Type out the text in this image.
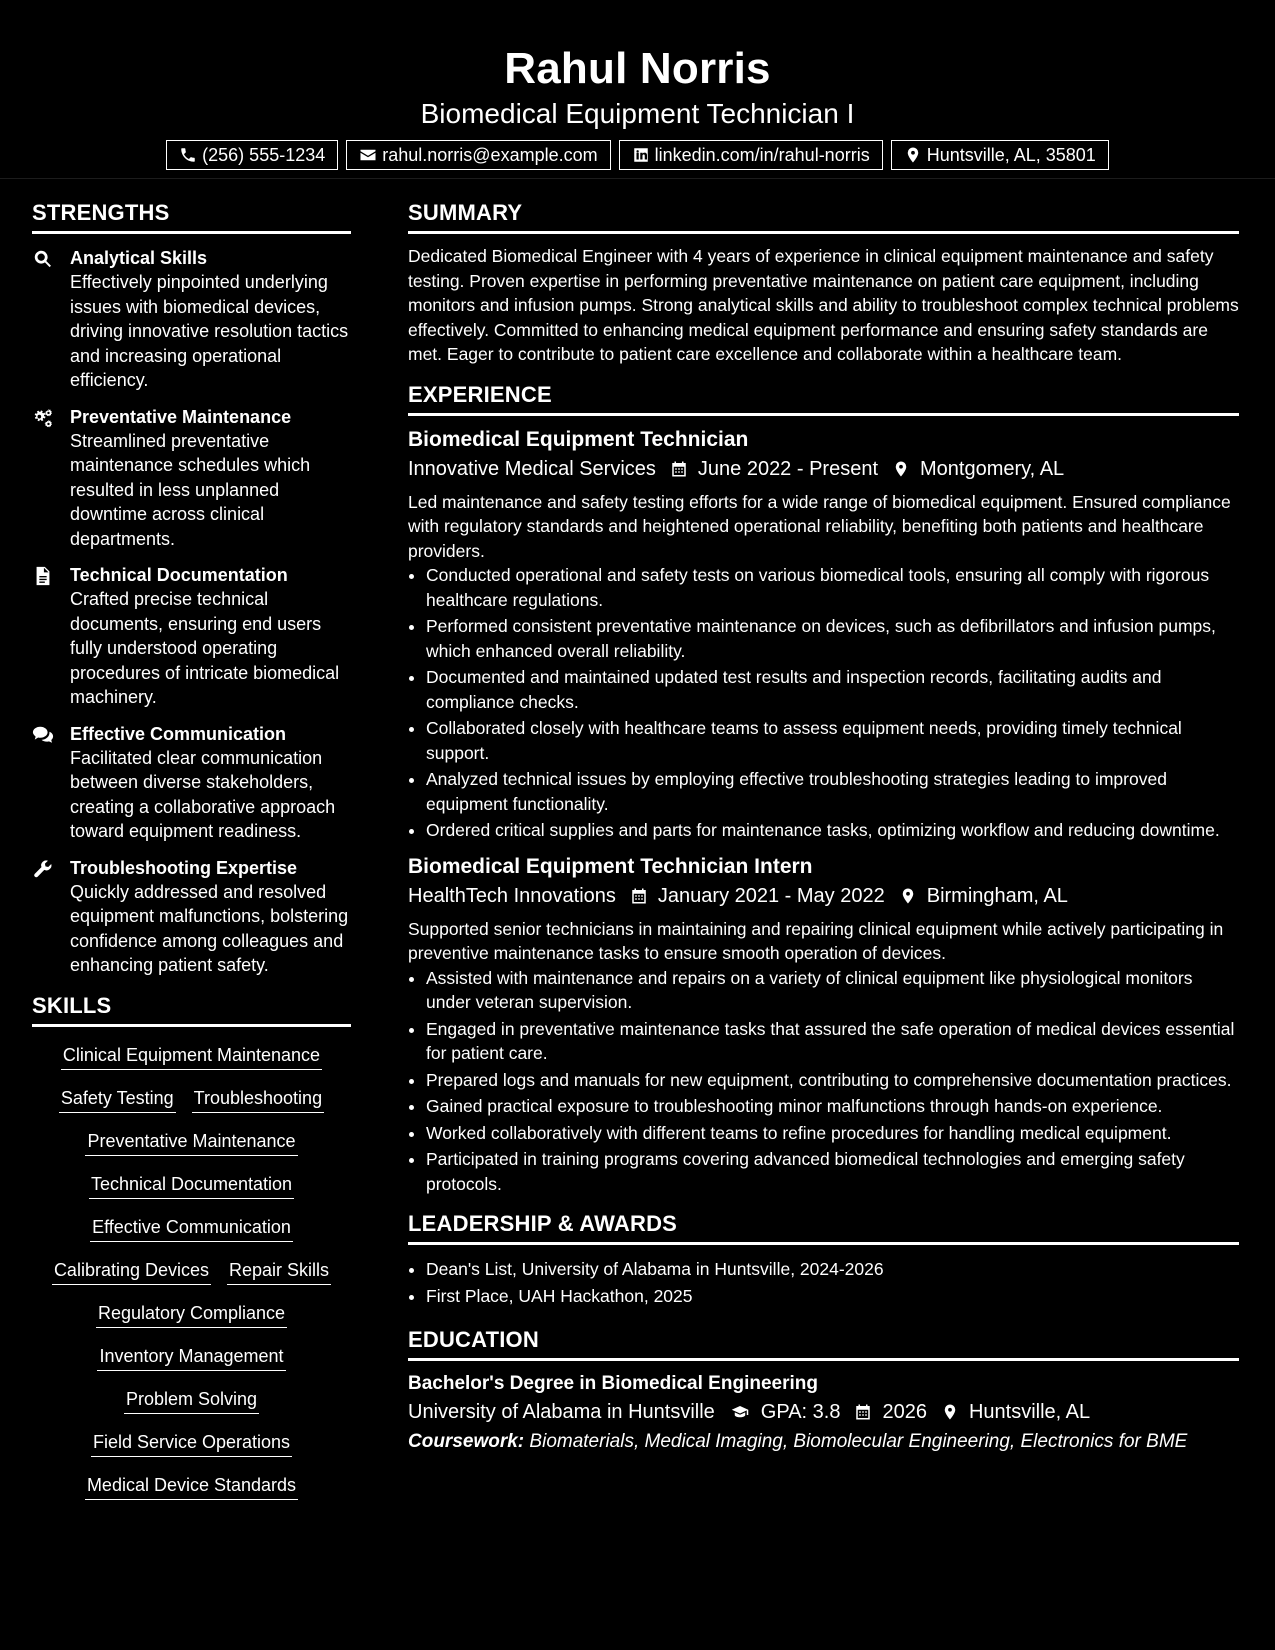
Rahul Norris
Biomedical Equipment Technician I
(256) 555-1234	rahul.norris@example.com	linkedin.com/in/rahul-norris	Huntsville, AL, 35801
STRENGTHS
Analytical Skills
Effectively pinpointed underlying issues with biomedical devices, driving innovative resolution tactics and increasing operational efficiency.
Preventative Maintenance
Streamlined preventative maintenance schedules which resulted in less unplanned downtime across clinical departments.
Technical Documentation
Crafted precise technical documents, ensuring end users fully understood operating procedures of intricate biomedical machinery.
Effective Communication
Facilitated clear communication between diverse stakeholders, creating a collaborative approach toward equipment readiness.
Troubleshooting Expertise
Quickly addressed and resolved equipment malfunctions, bolstering confidence among colleagues and enhancing patient safety.
SKILLS
Clinical Equipment Maintenance
Safety Testing Troubleshooting
Preventative Maintenance
Technical Documentation
Effective Communication
Calibrating Devices Repair Skills
Regulatory Compliance
Inventory Management
Problem Solving
Field Service Operations
Medical Device Standards
SUMMARY
Dedicated Biomedical Engineer with 4 years of experience in clinical equipment maintenance and safety testing. Proven expertise in performing preventative maintenance on patient care equipment, including monitors and infusion pumps. Strong analytical skills and ability to troubleshoot complex technical problems effectively. Committed to enhancing medical equipment performance and ensuring safety standards are met. Eager to contribute to patient care excellence and collaborate within a healthcare team.
EXPERIENCE
Biomedical Equipment Technician
Innovative Medical Services June 2022 - Present Montgomery, AL
Led maintenance and safety testing efforts for a wide range of biomedical equipment. Ensured compliance with regulatory standards and heightened operational reliability, benefiting both patients and healthcare providers.
• Conducted operational and safety tests on various biomedical tools, ensuring all comply with rigorous healthcare regulations.
• Performed consistent preventative maintenance on devices, such as defibrillators and infusion pumps, which enhanced overall reliability.
• Documented and maintained updated test results and inspection records, facilitating audits and compliance checks.
• Collaborated closely with healthcare teams to assess equipment needs, providing timely technical support.
• Analyzed technical issues by employing effective troubleshooting strategies leading to improved equipment functionality.
• Ordered critical supplies and parts for maintenance tasks, optimizing workflow and reducing downtime.
Biomedical Equipment Technician Intern
HealthTech Innovations January 2021 - May 2022 Birmingham, AL
Supported senior technicians in maintaining and repairing clinical equipment while actively participating in preventive maintenance tasks to ensure smooth operation of devices.
• Assisted with maintenance and repairs on a variety of clinical equipment like physiological monitors under veteran supervision.
• Engaged in preventative maintenance tasks that assured the safe operation of medical devices essential for patient care.
• Prepared logs and manuals for new equipment, contributing to comprehensive documentation practices.
• Gained practical exposure to troubleshooting minor malfunctions through hands-on experience.
• Worked collaboratively with different teams to refine procedures for handling medical equipment.
• Participated in training programs covering advanced biomedical technologies and emerging safety protocols.
LEADERSHIP & AWARDS
• Dean's List, University of Alabama in Huntsville, 2024-2026
• First Place, UAH Hackathon, 2025
EDUCATION
Bachelor's Degree in Biomedical Engineering
University of Alabama in Huntsville GPA: 3.8 2026 Huntsville, AL
Coursework: Biomaterials, Medical Imaging, Biomolecular Engineering, Electronics for BME
